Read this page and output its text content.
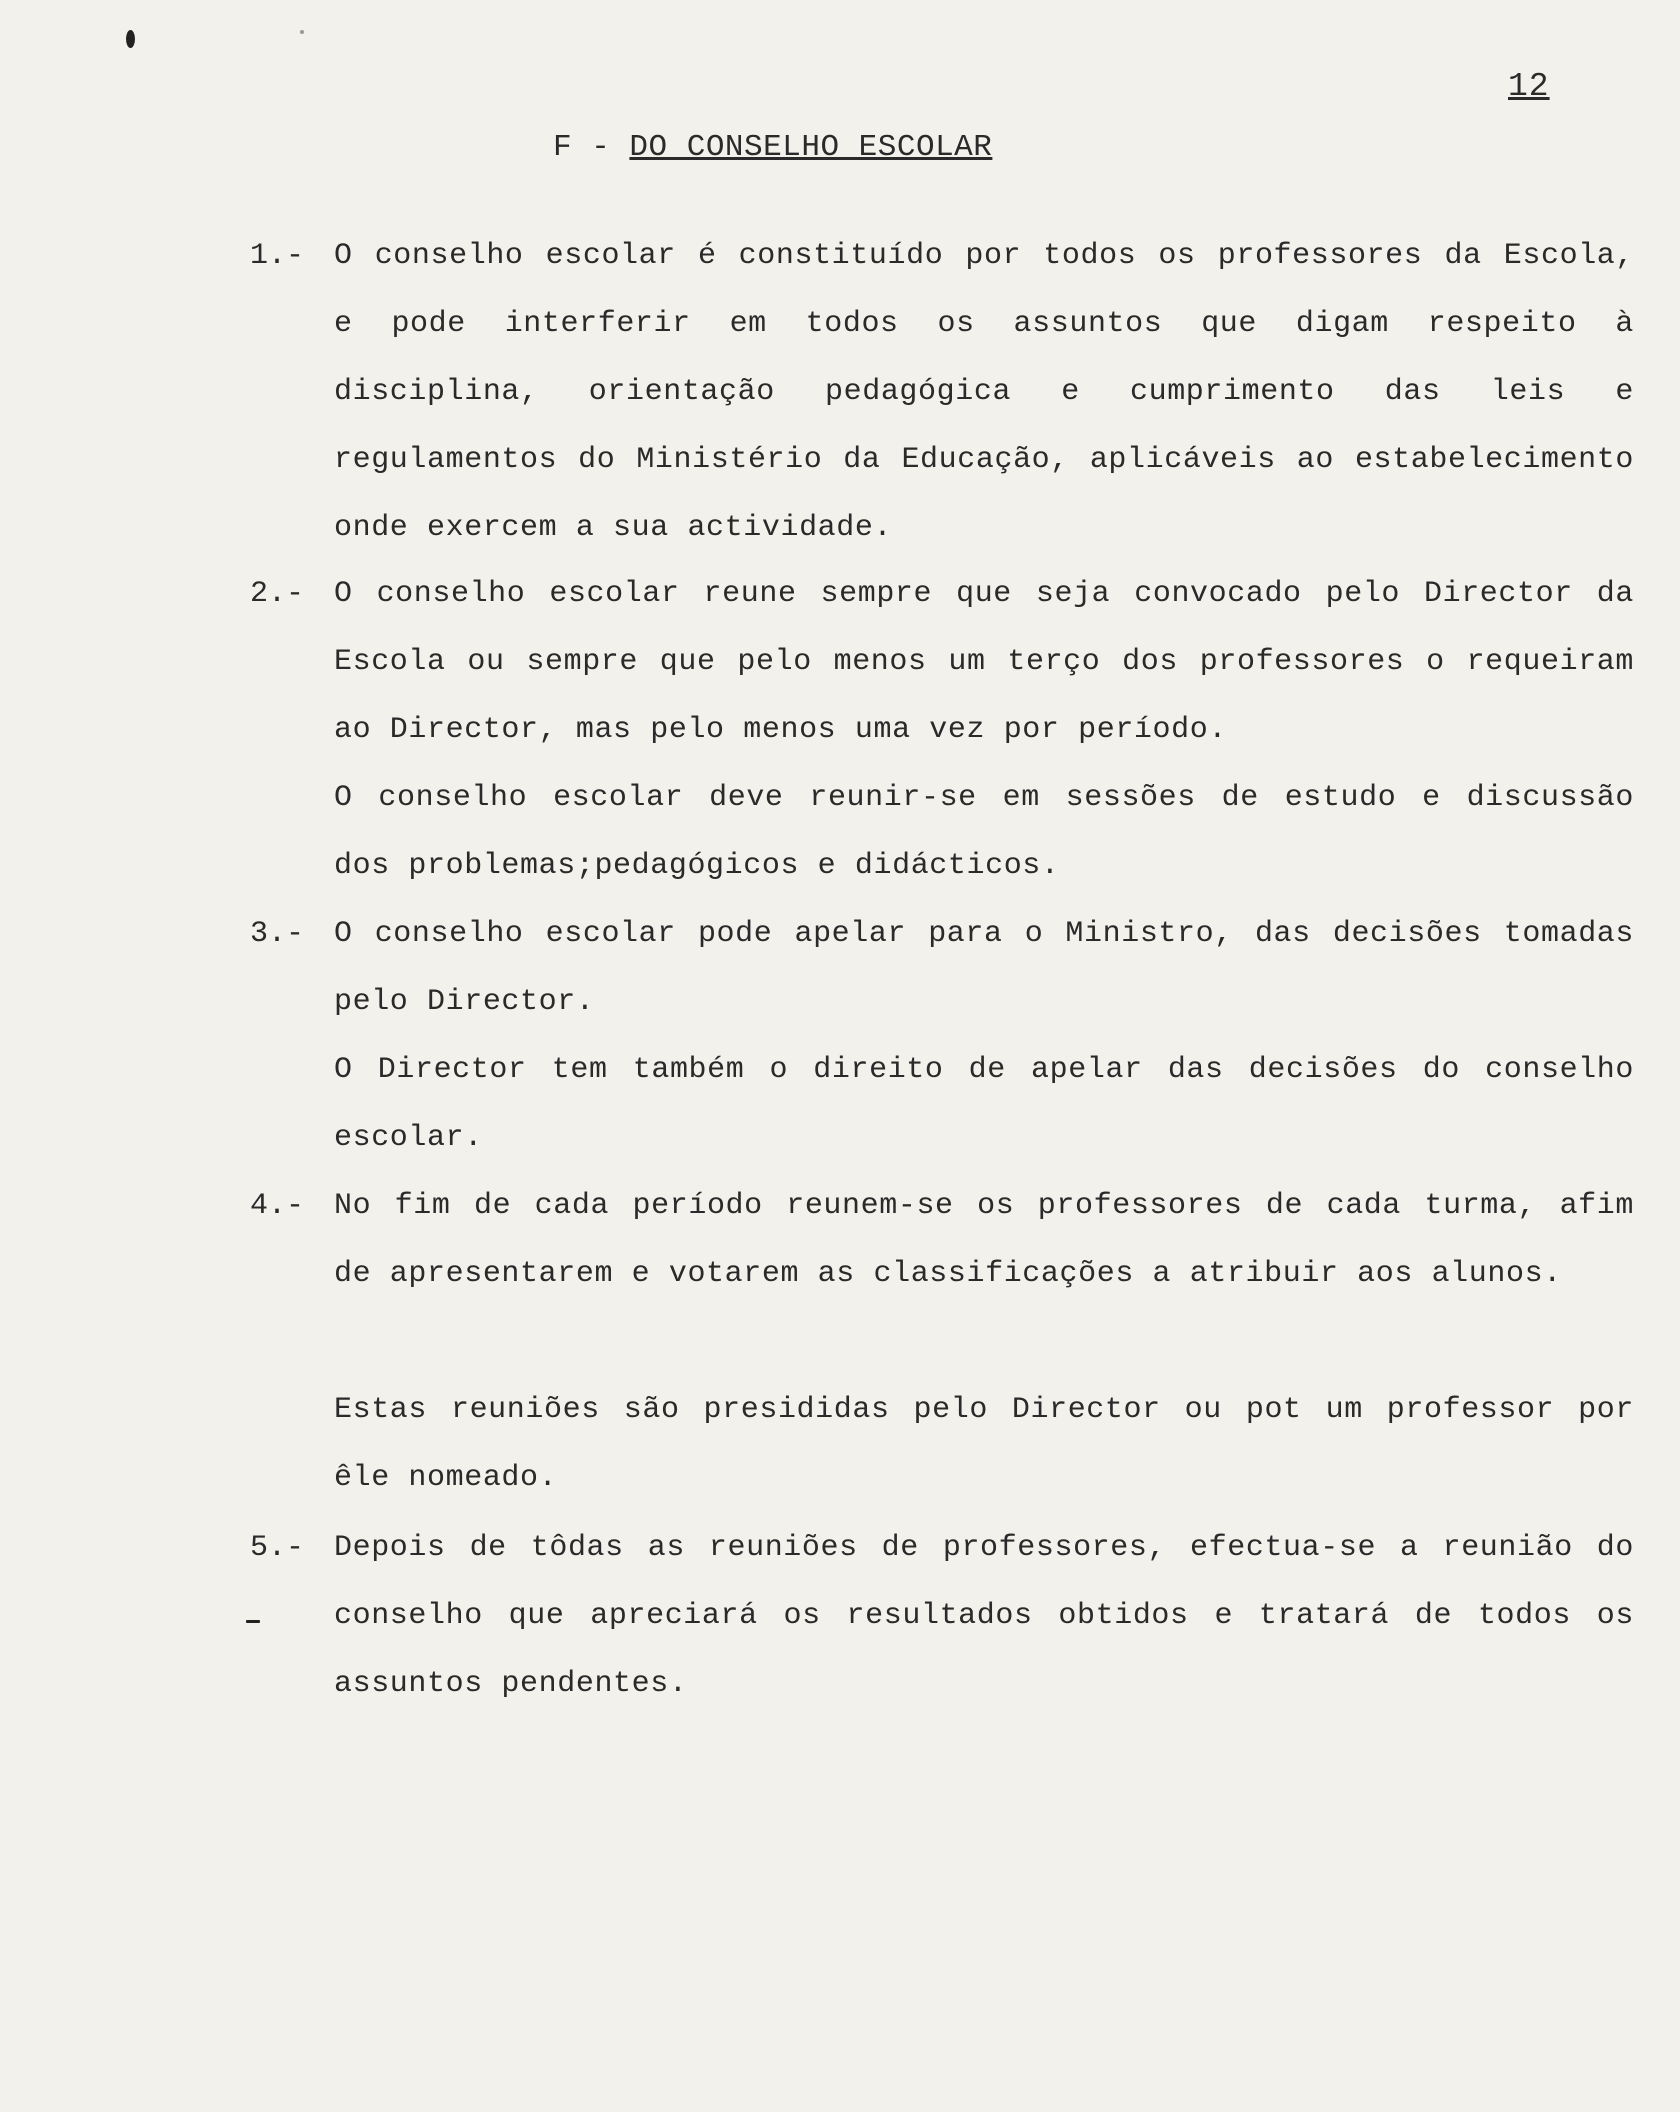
12
F - DO CONSELHO ESCOLAR
1.- O conselho escolar é constituído por todos os professores da Escola, e pode interferir em todos os assuntos que digam respeito à disciplina, orientação pedagógica e cumprimento das leis e regulamentos do Ministério da Educação, aplicáveis ao estabelecimento onde exercem a sua actividade.

2.- O conselho escolar reune sempre que seja convocado pelo Director da Escola ou sempre que pelo menos um terço dos professores o requeiram ao Director, mas pelo menos uma vez por período.

O conselho escolar deve reunir-se em sessões de estudo e discussão dos problemas;pedagógicos e didácticos.

3.- O conselho escolar pode apelar para o Ministro, das decisões tomadas pelo Director.

O Director tem também o direito de apelar das decisões do conselho escolar.

4.- No fim de cada período reunem-se os professores de cada turma, afim de apresentarem e votarem as classificações a atribuir aos alunos.

Estas reuniões são presididas pelo Director ou pot um professor por êle nomeado.

5.- Depois de tôdas as reuniões de professores, efectua-se a reunião do conselho que apreciará os resultados obtidos e tratará de todos os assuntos pendentes.
